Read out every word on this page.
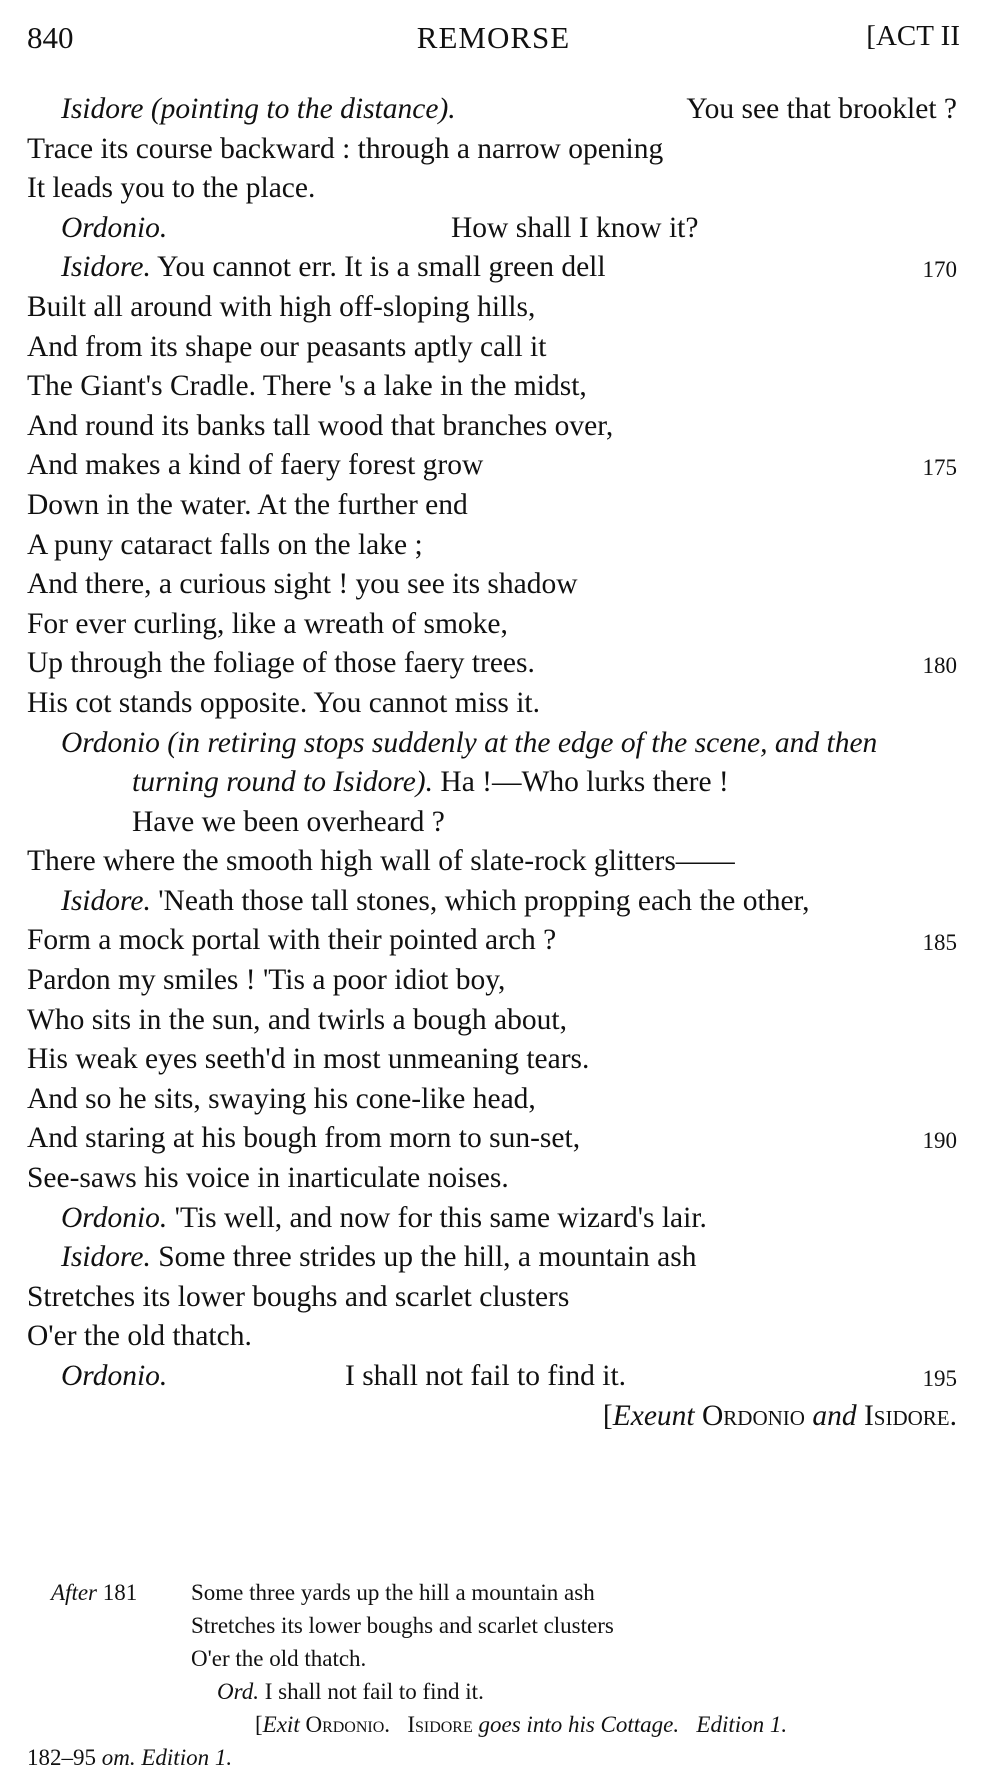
840	REMORSE	[ACT II
Isidore (pointing to the distance).	You see that brooklet ?
Trace its course backward : through a narrow opening
It leads you to the place.
Ordonio.	How shall I know it?
Isidore. You cannot err. It is a small green dell	170
Built all around with high off-sloping hills,
And from its shape our peasants aptly call it
The Giant's Cradle. There 's a lake in the midst,
And round its banks tall wood that branches over,
And makes a kind of faery forest grow	175
Down in the water. At the further end
A puny cataract falls on the lake ;
And there, a curious sight ! you see its shadow
For ever curling, like a wreath of smoke,
Up through the foliage of those faery trees.	180
His cot stands opposite. You cannot miss it.
Ordonio (in retiring stops suddenly at the edge of the scene, and then turning round to Isidore). Ha !—Who lurks there !
Have we been overheard ?
There where the smooth high wall of slate-rock glitters——
Isidore. 'Neath those tall stones, which propping each the other,
Form a mock portal with their pointed arch ?	185
Pardon my smiles ! 'Tis a poor idiot boy,
Who sits in the sun, and twirls a bough about,
His weak eyes seeth'd in most unmeaning tears.
And so he sits, swaying his cone-like head,
And staring at his bough from morn to sun-set,	190
See-saws his voice in inarticulate noises.
Ordonio. 'Tis well, and now for this same wizard's lair.
Isidore. Some three strides up the hill, a mountain ash
Stretches its lower boughs and scarlet clusters
O'er the old thatch.
Ordonio.	I shall not fail to find it.	195
[Exeunt Ordonio and Isidore.
After 181 Some three yards up the hill a mountain ash
Stretches its lower boughs and scarlet clusters
O'er the old thatch.
Ord. I shall not fail to find it.
[Exit Ordonio. Isidore goes into his Cottage. Edition 1.
182–95 om. Edition 1.
